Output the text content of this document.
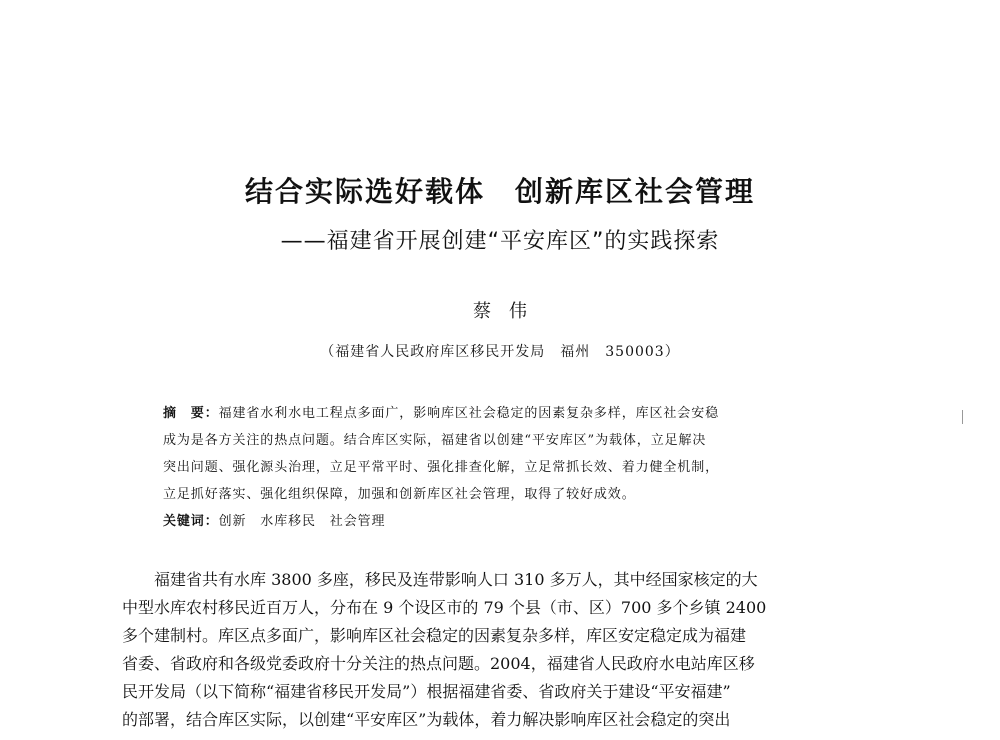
结合实际选好载体　创新库区社会管理
——福建省开展创建“平安库区”的实践探索
蔡　伟
（福建省人民政府库区移民开发局　福州　350003）
摘　要：福建省水利水电工程点多面广，影响库区社会稳定的因素复杂多样，库区社会安稳
成为是各方关注的热点问题。结合库区实际，福建省以创建“平安库区”为载体，立足解决
突出问题、强化源头治理，立足平常平时、强化排查化解，立足常抓长效、着力健全机制，
立足抓好落实、强化组织保障，加强和创新库区社会管理，取得了较好成效。
关键词：创新　水库移民　社会管理
　　福建省共有水库 3800 多座，移民及连带影响人口 310 多万人，其中经国家核定的大
中型水库农村移民近百万人，分布在 9 个设区市的 79 个县（市、区）700 多个乡镇 2400
多个建制村。库区点多面广，影响库区社会稳定的因素复杂多样，库区安定稳定成为福建
省委、省政府和各级党委政府十分关注的热点问题。2004，福建省人民政府水电站库区移
民开发局（以下简称“福建省移民开发局”）根据福建省委、省政府关于建设“平安福建”
的部署，结合库区实际，以创建“平安库区”为载体，着力解决影响库区社会稳定的突出
